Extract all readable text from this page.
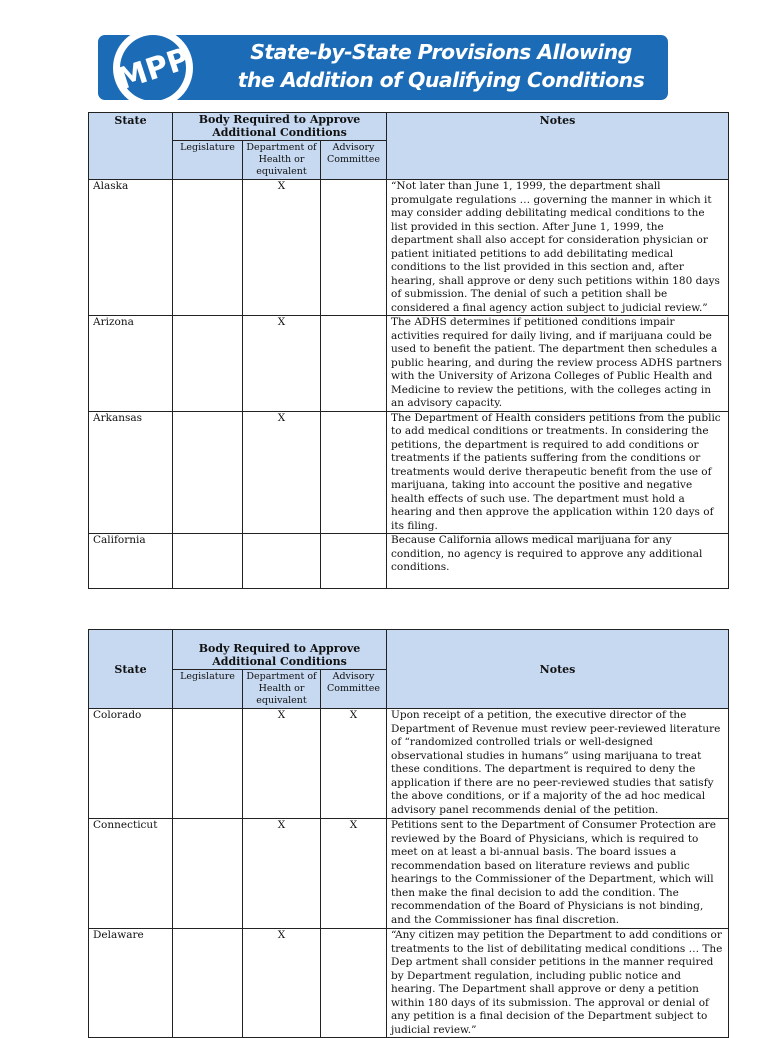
MPP	State-by-State Provisions Allowing
the Addition of Qualifying Conditions
State	Body Required to Approve Additional Conditions			Notes
	Legislature	Department of Health or equivalent	Advisory Committee	
Alaska		X		“Not later than June 1, 1999, the department shall promulgate regulations … governing the manner in which it may consider adding debilitating medical conditions to the list provided in this section. After June 1, 1999, the department shall also accept for consideration physician or patient initiated petitions to add debilitating medical conditions to the list provided in this section and, after hearing, shall approve or deny such petitions within 180 days of submission. The denial of such a petition shall be considered a final agency action subject to judicial review.”
Arizona		X		The ADHS determines if petitioned conditions impair activities required for daily living, and if marijuana could be used to benefit the patient. The department then schedules a public hearing, and during the review process ADHS partners with the University of Arizona Colleges of Public Health and Medicine to review the petitions, with the colleges acting in an advisory capacity.
Arkansas		X		The Department of Health considers petitions from the public to add medical conditions or treatments. In considering the petitions, the department is required to add conditions or treatments if the patients suffering from the conditions or treatments would derive therapeutic benefit from the use of marijuana, taking into account the positive and negative health effects of such use. The department must hold a hearing and then approve the application within 120 days of its filing.
California				Because California allows medical marijuana for any condition, no agency is required to approve any additional conditions.
State	Body Required to Approve Additional Conditions			Notes
	Legislature	Department of Health or equivalent	Advisory Committee	
Colorado		X	X	Upon receipt of a petition, the executive director of the Department of Revenue must review peer-reviewed literature of “randomized controlled trials or well-designed observational studies in humans” using marijuana to treat these conditions. The department is required to deny the application if there are no peer-reviewed studies that satisfy the above conditions, or if a majority of the ad hoc medical advisory panel recommends denial of the petition.
Connecticut		X	X	Petitions sent to the Department of Consumer Protection are reviewed by the Board of Physicians, which is required to meet on at least a bi-annual basis. The board issues a recommendation based on literature reviews and public hearings to the Commissioner of the Department, which will then make the final decision to add the condition. The recommendation of the Board of Physicians is not binding, and the Commissioner has final discretion.
Delaware		X		“Any citizen may petition the Department to add conditions or treatments to the list of debilitating medical conditions … The Dep artment shall consider petitions in the manner required by Department regulation, including public notice and hearing. The Department shall approve or deny a petition within 180 days of its submission. The approval or denial of any petition is a final decision of the Department subject to judicial review.”
